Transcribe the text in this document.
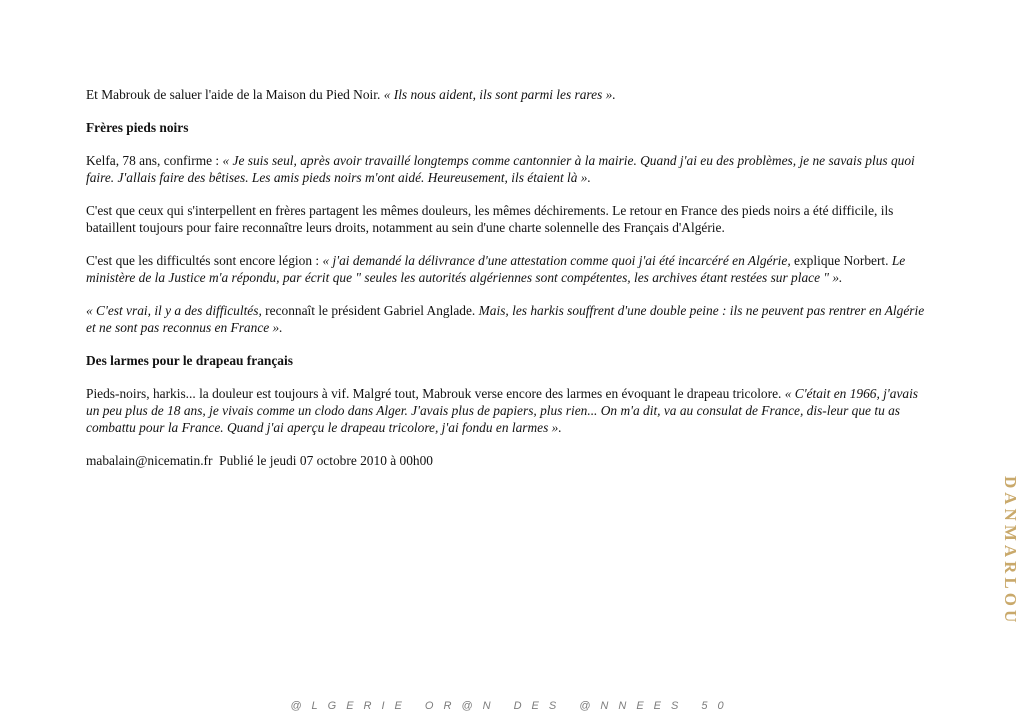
Et Mabrouk de saluer l'aide de la Maison du Pied Noir. « Ils nous aident, ils sont parmi les rares ».

Frères pieds noirs

Kelfa, 78 ans, confirme : « Je suis seul, après avoir travaillé longtemps comme cantonnier à la mairie. Quand j'ai eu des problèmes, je ne savais plus quoi faire. J'allais faire des bêtises. Les amis pieds noirs m'ont aidé. Heureusement, ils étaient là ».

C'est que ceux qui s'interpellent en frères partagent les mêmes douleurs, les mêmes déchirements. Le retour en France des pieds noirs a été difficile, ils bataillent toujours pour faire reconnaître leurs droits, notamment au sein d'une charte solennelle des Français d'Algérie.

C'est que les difficultés sont encore légion : « j'ai demandé la délivrance d'une attestation comme quoi j'ai été incarcéré en Algérie, explique Norbert. Le ministère de la Justice m'a répondu, par écrit que " seules les autorités algériennes sont compétentes, les archives étant restées sur place " ».

« C'est vrai, il y a des difficultés, reconnaît le président Gabriel Anglade. Mais, les harkis souffrent d'une double peine : ils ne peuvent pas rentrer en Algérie et ne sont pas reconnus en France ».

Des larmes pour le drapeau français

Pieds-noirs, harkis... la douleur est toujours à vif. Malgré tout, Mabrouk verse encore des larmes en évoquant le drapeau tricolore. « C'était en 1966, j'avais un peu plus de 18 ans, je vivais comme un clodo dans Alger. J'avais plus de papiers, plus rien... On m'a dit, va au consulat de France, dis-leur que tu as combattu pour la France. Quand j'ai aperçu le drapeau tricolore, j'ai fondu en larmes ».

mabalain@nicematin.fr  Publié le jeudi 07 octobre 2010 à 00h00

DANMARLOU
@LGERIE OR@N DES @NNEES 50
